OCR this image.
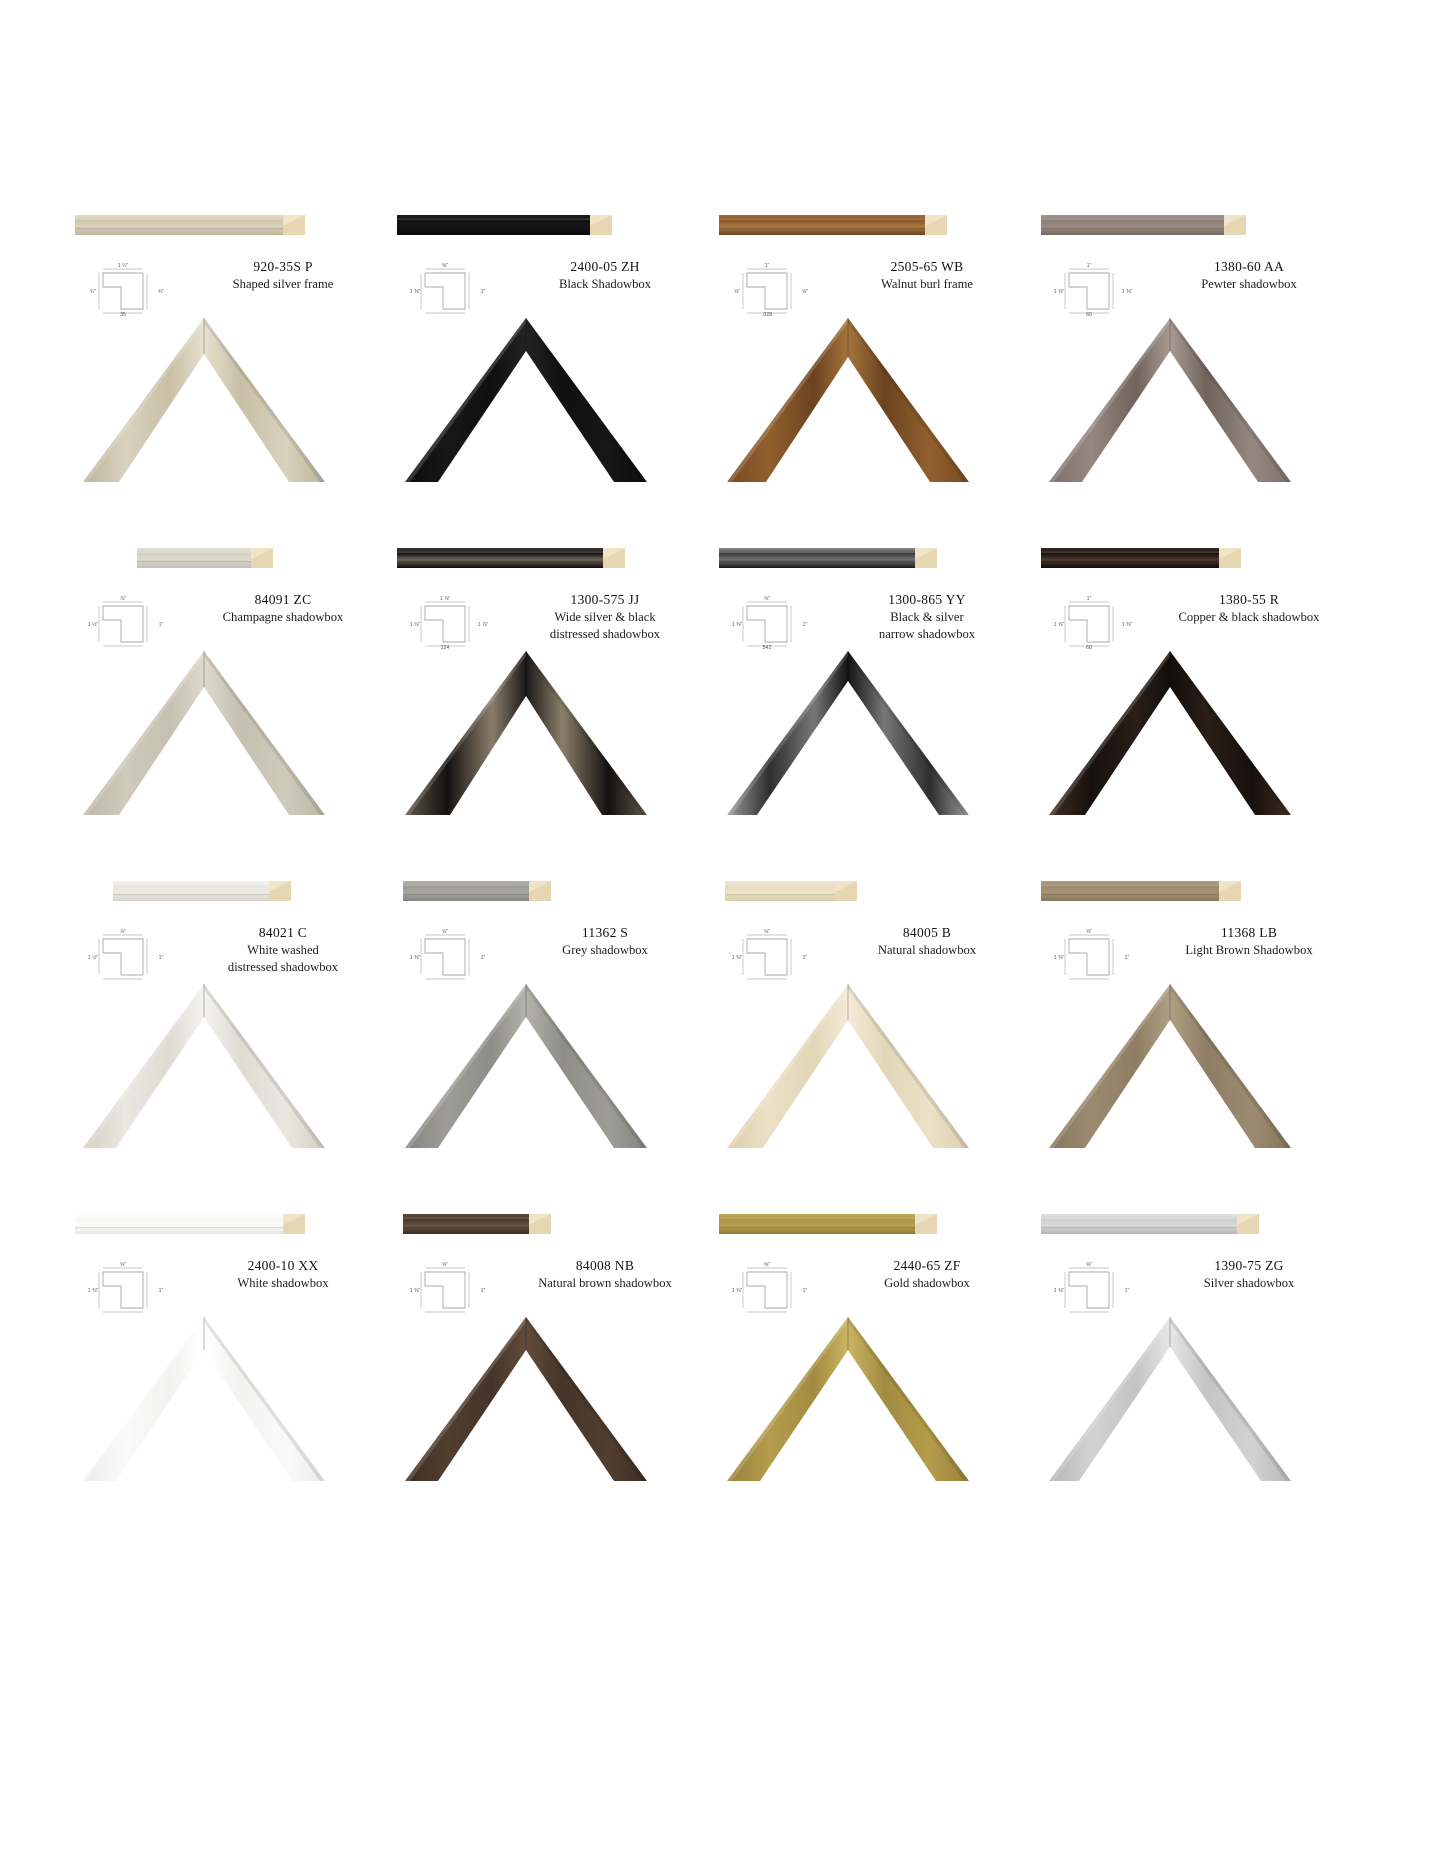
1 ¼"
¾"	¾"
35
920-35S P
Shaped silver frame
⅝"
1 ⅜"	1"
2400-05 ZH
Black Shadowbox
1"
⅝"	⅝"
.028
2505-65 WB
Walnut burl frame
1"
1 ⅜"	1 ⅜"
60
1380-60 AA
Pewter shadowbox
⅞"
1 ½"	1"
84091 ZC
Champagne shadowbox
1 ⅞"
1 ⅝"	1 ⅞"
124
1300-575 JJ
Wide silver & black
distressed shadowbox
⅝"
1 ⅜"	1"
542
1300-865 YY
Black & silver
narrow shadowbox
1"
1 ⅜"	1 ⅜"
60
1380-55 R
Copper & black shadowbox
⅞"
1 ½"	1"
84021 C
White washed
distressed shadowbox
⅝"
1 ⅜"	1"
11362 S
Grey shadowbox
⅝"
1 ⅜"	1"
84005 B
Natural shadowbox
⅝"
1 ⅜"	1"
11368 LB
Light Brown Shadowbox
⅝"
1 ⅜"	1"
2400-10 XX
White shadowbox
⅝"
1 ⅜"	1"
84008 NB
Natural brown shadowbox
⅝"
1 ⅜"	1"
2440-65 ZF
Gold shadowbox
⅝"
1 ⅜"	1"
1390-75 ZG
Silver shadowbox
